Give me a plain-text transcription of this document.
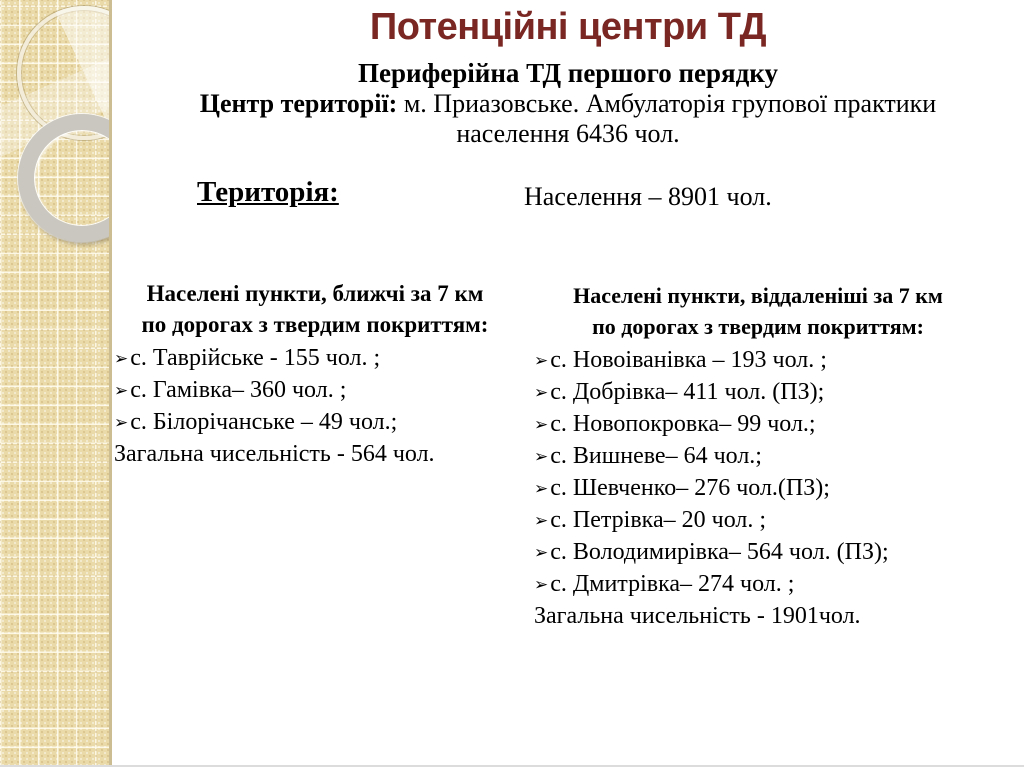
Потенційні центри ТД
Периферійна ТД першого перядку
Центр території: м. Приазовське. Амбулаторія групової практики
населення 6436 чол.
Територія:	Населення – 8901 чол.
Населені пункти, ближчі за 7 км
по дорогах з твердим покриттям:
➢с. Таврійське - 155 чол. ;
➢с. Гамівка– 360 чол. ;
➢с. Білорічанське – 49 чол.;
Загальна чисельність - 564 чол.
Населені пункти, віддаленіші за 7 км
по дорогах з твердим покриттям:
➢с. Новоіванівка – 193 чол. ;
➢с. Добрівка– 411 чол. (ПЗ);
➢с. Новопокровка– 99 чол.;
➢с. Вишневе– 64 чол.;
➢с. Шевченко– 276 чол.(ПЗ);
➢с. Петрівка– 20 чол. ;
➢с. Володимирівка– 564 чол. (ПЗ);
➢с. Дмитрівка– 274 чол. ;
Загальна чисельність - 1901чол.
